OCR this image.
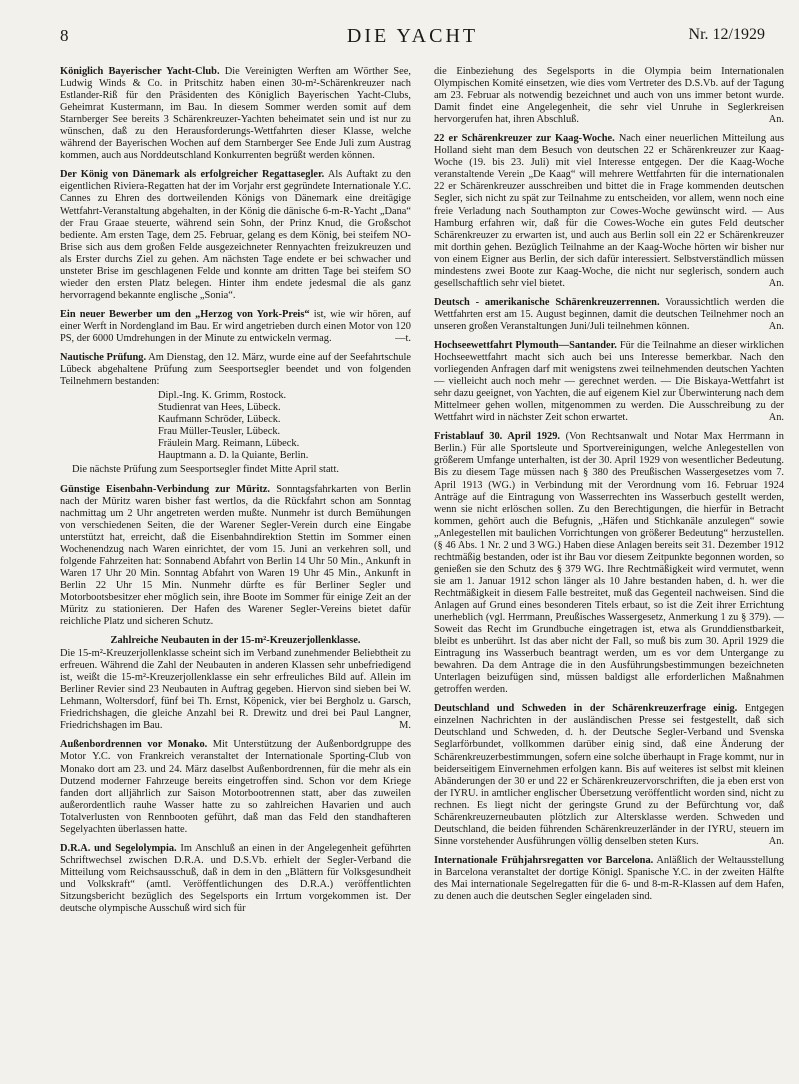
8	DIE YACHT	Nr. 12/1929

Königlich Bayerischer Yacht-Club. Die Vereinigten Werften am Wörther See, Ludwig Winds & Co. in Pritschitz haben einen 30-m²-Schärenkreuzer nach Estlander-Riß für den Präsidenten des Königlich Bayerischen Yacht-Clubs, Geheimrat Kustermann, im Bau. In diesem Sommer werden somit auf dem Starnberger See bereits 3 Schärenkreuzer-Yachten beheimatet sein und ist nur zu wünschen, daß zu den Herausforderungs-Wettfahrten dieser Klasse, welche während der Bayerischen Wochen auf dem Starnberger See Ende Juli zum Austrag kommen, auch aus Norddeutschland Konkurrenten begrüßt werden können.

Der König von Dänemark als erfolgreicher Regattasegler. Als Auftakt zu den eigentlichen Riviera-Regatten hat der im Vorjahr erst gegründete Internationale Y.C. Cannes zu Ehren des dortweilenden Königs von Dänemark eine dreitägige Wettfahrt-Veranstaltung abgehalten, in der König die dänische 6-m-R-Yacht „Dana“ der Frau Graae steuerte, während sein Sohn, der Prinz Knud, die Großschot bediente. Am ersten Tage, dem 25. Februar, gelang es dem König, bei steifem NO-Brise sich aus dem großen Felde ausgezeichneter Rennyachten freizukreuzen und als Erster durchs Ziel zu gehen. Am nächsten Tage endete er bei schwacher und unsteter Brise im geschlagenen Felde und konnte am dritten Tage bei steifem SO wieder den ersten Platz belegen. Hinter ihm endete jedesmal die als ganz hervorragend bekannte englische „Sonia“.

Ein neuer Bewerber um den „Herzog von York-Preis“ ist, wie wir hören, auf einer Werft in Nordengland im Bau. Er wird angetrieben durch einen Motor von 120 PS, der 6000 Umdrehungen in der Minute zu entwickeln vermag.	—t.

Nautische Prüfung. Am Dienstag, den 12. März, wurde eine auf der Seefahrtschule Lübeck abgehaltene Prüfung zum Seesportsegler beendet und von folgenden Teilnehmern bestanden:

Dipl.-Ing. K. Grimm, Rostock.
Studienrat van Hees, Lübeck.
Kaufmann Schröder, Lübeck.
Frau Müller-Teusler, Lübeck.
Fräulein Marg. Reimann, Lübeck.
Hauptmann a. D. la Quiante, Berlin.

Die nächste Prüfung zum Seesportsegler findet Mitte April statt.

Günstige Eisenbahn-Verbindung zur Müritz. Sonntagsfahrkarten von Berlin nach der Müritz waren bisher fast wertlos, da die Rückfahrt schon am Sonntag nachmittag um 2 Uhr angetreten werden mußte. Nunmehr ist durch Bemühungen von verschiedenen Seiten, die der Warener Segler-Verein durch eine Eingabe unterstützt hat, erreicht, daß die Eisenbahndirektion Stettin im Sommer einen Wochenendzug nach Waren einrichtet, der vom 15. Juni an verkehren soll, und folgende Fahrzeiten hat: Sonnabend Abfahrt von Berlin 14 Uhr 50 Min., Ankunft in Waren 17 Uhr 20 Min. Sonntag Abfahrt von Waren 19 Uhr 45 Min., Ankunft in Berlin 22 Uhr 15 Min. Nunmehr dürfte es für Berliner Segler und Motorbootsbesitzer eher möglich sein, ihre Boote im Sommer für einige Zeit an der Müritz zu stationieren. Der Hafen des Warener Segler-Vereins bietet dafür reichliche Platz und sicheren Schutz.

Zahlreiche Neubauten in der 15-m²-Kreuzerjollenklasse.
Die 15-m²-Kreuzerjollenklasse scheint sich im Verband zunehmender Beliebtheit zu erfreuen. Während die Zahl der Neubauten in anderen Klassen sehr unbefriedigend ist, weißt die 15-m²-Kreuzerjollenklasse ein sehr erfreuliches Bild auf. Allein im Berliner Revier sind 23 Neubauten in Auftrag gegeben. Hiervon sind sieben bei W. Lehmann, Woltersdorf, fünf bei Th. Ernst, Köpenick, vier bei Bergholz u. Garsch, Friedrichshagen, die gleiche Anzahl bei R. Drewitz und drei bei Paul Langner, Friedrichshagen im Bau.	M.

Außenbordrennen vor Monako. Mit Unterstützung der Außenbordgruppe des Motor Y.C. von Frankreich veranstaltet der Internationale Sporting-Club von Monako dort am 23. und 24. März daselbst Außenbordrennen, für die mehr als ein Dutzend moderner Fahrzeuge bereits eingetroffen sind. Schon vor dem Kriege fanden dort alljährlich zur Saison Motorbootrennen statt, aber das zuweilen außerordentlich rauhe Wasser hatte zu so zahlreichen Havarien und auch Totalverlusten von Rennbooten geführt, daß man das Feld den standhafteren Segelyachten überlassen hatte.

D.R.A. und Segelolympia. Im Anschluß an einen in der Angelegenheit geführten Schriftwechsel zwischen D.R.A. und D.S.Vb. erhielt der Segler-Verband die Mitteilung vom Reichsausschuß, daß in dem in den „Blättern für Volksgesundheit und Volkskraft“ (amtl. Veröffentlichungen des D.R.A.) veröffentlichten Sitzungsbericht bezüglich des Segelsports ein Irrtum vorgekommen ist. Der deutsche olympische Ausschuß wird sich für

die Einbeziehung des Segelsports in die Olympia beim Internationalen Olympischen Komité einsetzen, wie dies vom Vertreter des D.S.Vb. auf der Tagung am 23. Februar als notwendig bezeichnet und auch von uns immer betont wurde. Damit findet eine Angelegenheit, die sehr viel Unruhe in Seglerkreisen hervorgerufen hat, ihren Abschluß.	An.

22 er Schärenkreuzer zur Kaag-Woche. Nach einer neuerlichen Mitteilung aus Holland sieht man dem Besuch von deutschen 22 er Schärenkreuzer zur Kaag-Woche (19. bis 23. Juli) mit viel Interesse entgegen. Der die Kaag-Woche veranstaltende Verein „De Kaag“ will mehrere Wettfahrten für die internationalen 22 er Schärenkreuzer ausschreiben und bittet die in Frage kommenden deutschen Segler, sich nicht zu spät zur Teilnahme zu entscheiden, vor allem, wenn noch eine freie Verladung nach Southampton zur Cowes-Woche gewünscht wird. — Aus Hamburg erfahren wir, daß für die Cowes-Woche ein gutes Feld deutscher Schärenkreuzer zu erwarten ist, und auch aus Berlin soll ein 22 er Schärenkreuzer mit dorthin gehen. Bezüglich Teilnahme an der Kaag-Woche hörten wir bisher nur von einem Eigner aus Berlin, der sich dafür interessiert. Selbstverständlich müssen mindestens zwei Boote zur Kaag-Woche, die nicht nur seglerisch, sondern auch gesellschaftlich sehr viel bietet.	An.

Deutsch - amerikanische Schärenkreuzerrennen. Voraussichtlich werden die Wettfahrten erst am 15. August beginnen, damit die deutschen Teilnehmer noch an unseren großen Veranstaltungen Juni/Juli teilnehmen können.	An.

Hochseewettfahrt Plymouth—Santander. Für die Teilnahme an dieser wirklichen Hochseewettfahrt macht sich auch bei uns Interesse bemerkbar. Nach den vorliegenden Anfragen darf mit wenigstens zwei teilnehmenden deutschen Yachten — vielleicht auch noch mehr — gerechnet werden. — Die Biskaya-Wettfahrt ist sehr dazu geeignet, von Yachten, die auf eigenem Kiel zur Überwinterung nach dem Mittelmeer gehen wollen, mitgenommen zu werden. Die Ausschreibung zu der Wettfahrt wird in nächster Zeit schon erwartet.	An.

Fristablauf 30. April 1929. (Von Rechtsanwalt und Notar Max Herrmann in Berlin.) Für alle Sportsleute und Sportvereinigungen, welche Anlegestellen von größerem Umfange unterhalten, ist der 30. April 1929 von wesentlicher Bedeutung. Bis zu diesem Tage müssen nach § 380 des Preußischen Wassergesetzes vom 7. April 1913 (WG.) in Verbindung mit der Verordnung vom 16. Februar 1924 Anträge auf die Eintragung von Wasserrechten ins Wasserbuch gestellt werden, wenn sie nicht erlöschen sollen. Zu den Berechtigungen, die hierfür in Betracht kommen, gehört auch die Befugnis, „Häfen und Stichkanäle anzulegen“ sowie „Anlegestellen mit baulichen Vorrichtungen von größerer Bedeutung“ herzustellen. (§ 46 Abs. 1 Nr. 2 und 3 WG.) Haben diese Anlagen bereits seit 31. Dezember 1912 rechtmäßig bestanden, oder ist ihr Bau vor diesem Zeitpunkte begonnen worden, so genießen sie den Schutz des § 379 WG. Ihre Rechtmäßigkeit wird vermutet, wenn sie am 1. Januar 1912 schon länger als 10 Jahre bestanden haben, d. h. wer die Rechtmäßigkeit in diesem Falle bestreitet, muß das Gegenteil nachweisen. Sind die Anlagen auf Grund eines besonderen Titels erbaut, so ist die Zeit ihrer Errichtung unerheblich (vgl. Herrmann, Preußisches Wassergesetz, Anmerkung 1 zu § 379). — Soweit das Recht im Grundbuche eingetragen ist, etwa als Grunddienstbarkeit, bleibt es unberührt. Ist das aber nicht der Fall, so muß bis zum 30. April 1929 die Eintragung ins Wasserbuch beantragt werden, um es vor dem Untergange zu bewahren. Da dem Antrage die in den Ausführungsbestimmungen bezeichneten Unterlagen beizufügen sind, müssen baldigst alle erforderlichen Maßnahmen getroffen werden.

Deutschland und Schweden in der Schärenkreuzerfrage einig. Entgegen einzelnen Nachrichten in der ausländischen Presse sei festgestellt, daß sich Deutschland und Schweden, d. h. der Deutsche Segler-Verband und Svenska Seglarförbundet, vollkommen darüber einig sind, daß eine Änderung der Schärenkreuzerbestimmungen, sofern eine solche überhaupt in Frage kommt, nur in beiderseitigem Einvernehmen erfolgen kann. Bis auf weiteres ist selbst mit kleinen Abänderungen der 30 er und 22 er Schärenkreuzervorschriften, die ja eben erst von der IYRU. in amtlicher englischer Übersetzung veröffentlicht worden sind, nicht zu rechnen. Es liegt nicht der geringste Grund zu der Befürchtung vor, daß Schärenkreuzerneubauten plötzlich zur Altersklasse werden. Schweden und Deutschland, die beiden führenden Schärenkreuzerländer in der IYRU, steuern im Sinne vorstehender Ausführungen völlig denselben steten Kurs.	An.

Internationale Frühjahrsregatten vor Barcelona. Anläßlich der Weltausstellung in Barcelona veranstaltet der dortige Königl. Spanische Y.C. in der zweiten Hälfte des Mai internationale Segelregatten für die 6- und 8-m-R-Klassen auf dem Hafen, zu denen auch die deutschen Segler eingeladen sind.
